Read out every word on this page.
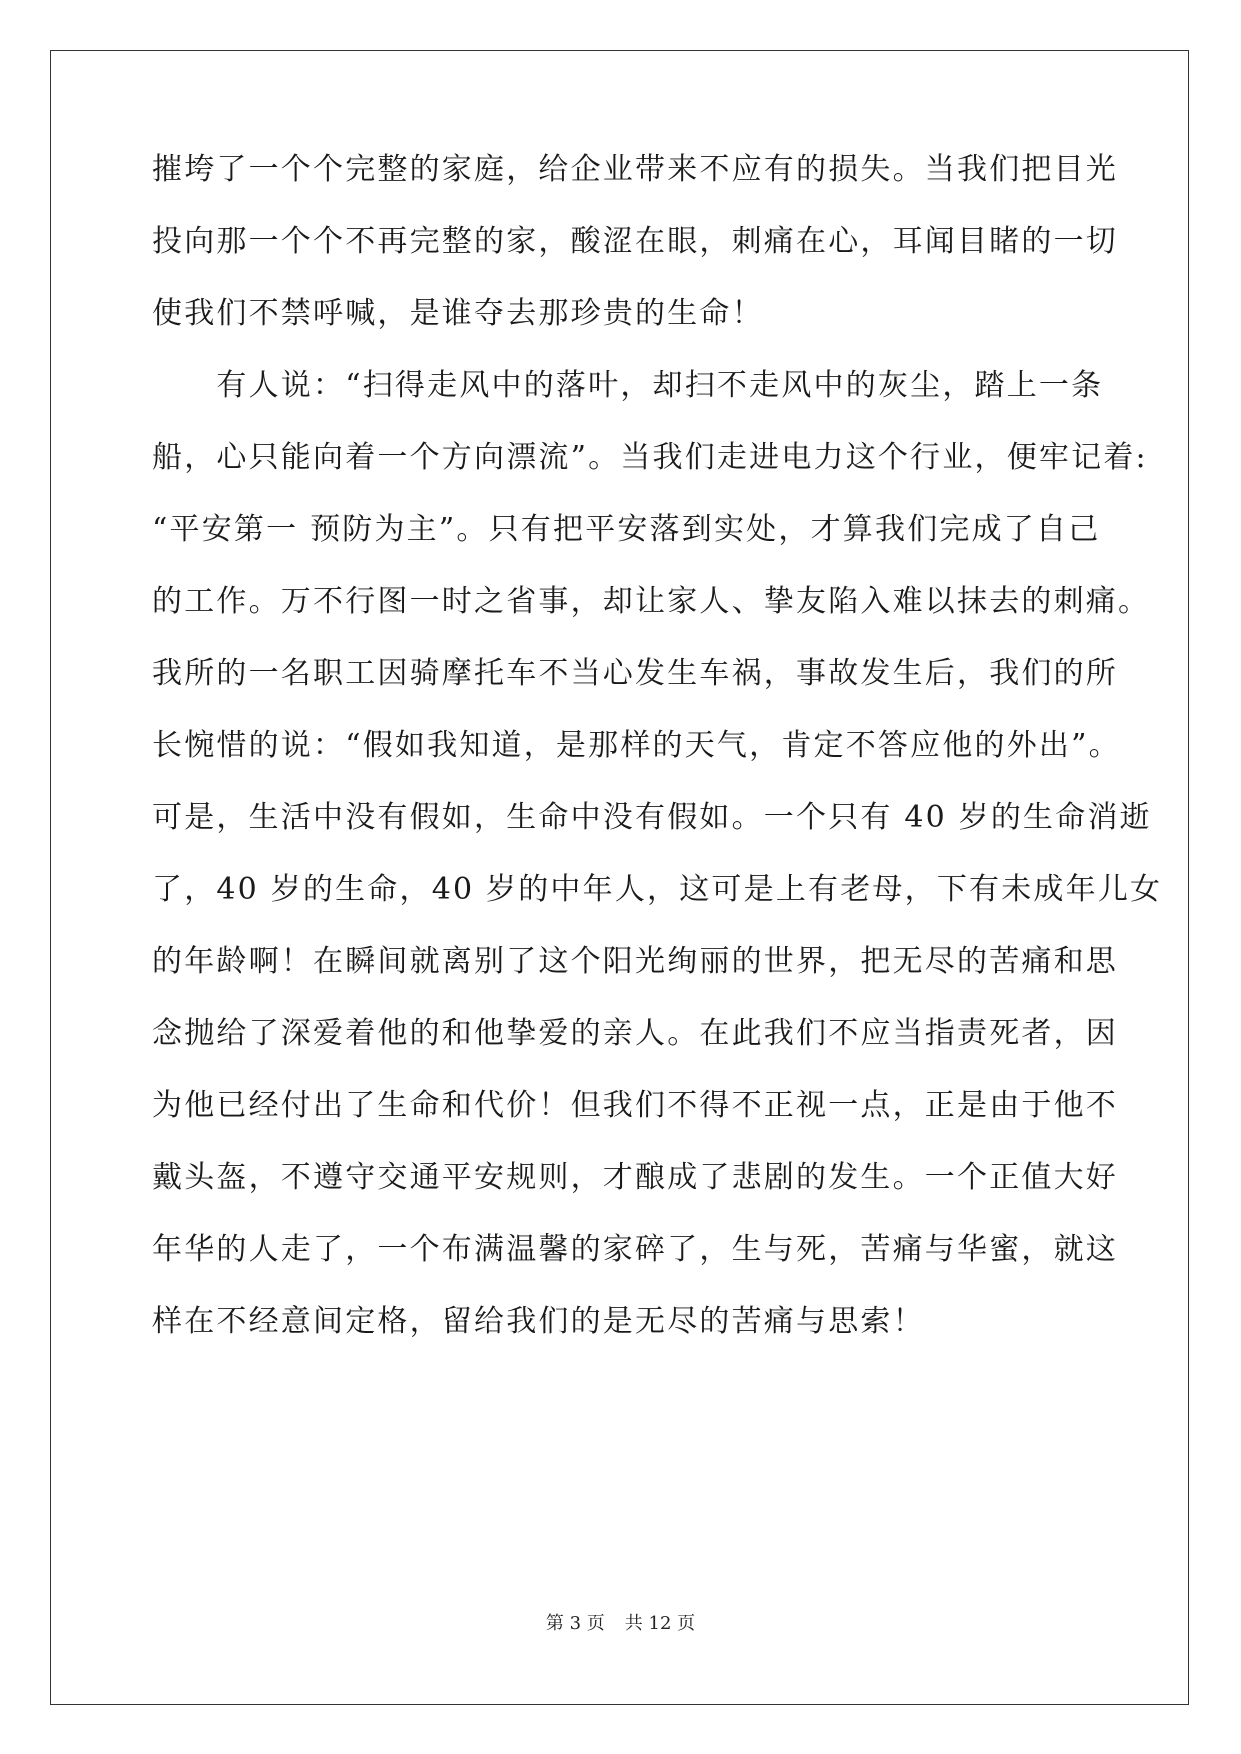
摧垮了一个个完整的家庭，给企业带来不应有的损失。当我们把目光
投向那一个个不再完整的家，酸涩在眼，刺痛在心，耳闻目睹的一切
使我们不禁呼喊，是谁夺去那珍贵的生命！
　　有人说：“扫得走风中的落叶，却扫不走风中的灰尘，踏上一条
船，心只能向着一个方向漂流”。当我们走进电力这个行业，便牢记着:
“平安第一 预防为主”。只有把平安落到实处，才算我们完成了自己
的工作。万不行图一时之省事，却让家人、挚友陷入难以抹去的刺痛。
我所的一名职工因骑摩托车不当心发生车祸，事故发生后，我们的所
长惋惜的说：“假如我知道，是那样的天气，肯定不答应他的外出”。
可是，生活中没有假如，生命中没有假如。一个只有 40 岁的生命消逝
了，40 岁的生命，40 岁的中年人，这可是上有老母，下有未成年儿女
的年龄啊！在瞬间就离别了这个阳光绚丽的世界，把无尽的苦痛和思
念抛给了深爱着他的和他挚爱的亲人。在此我们不应当指责死者，因
为他已经付出了生命和代价！但我们不得不正视一点，正是由于他不
戴头盔，不遵守交通平安规则，才酿成了悲剧的发生。一个正值大好
年华的人走了，一个布满温馨的家碎了，生与死，苦痛与华蜜，就这
样在不经意间定格，留给我们的是无尽的苦痛与思索！
第 3 页 共 12 页
